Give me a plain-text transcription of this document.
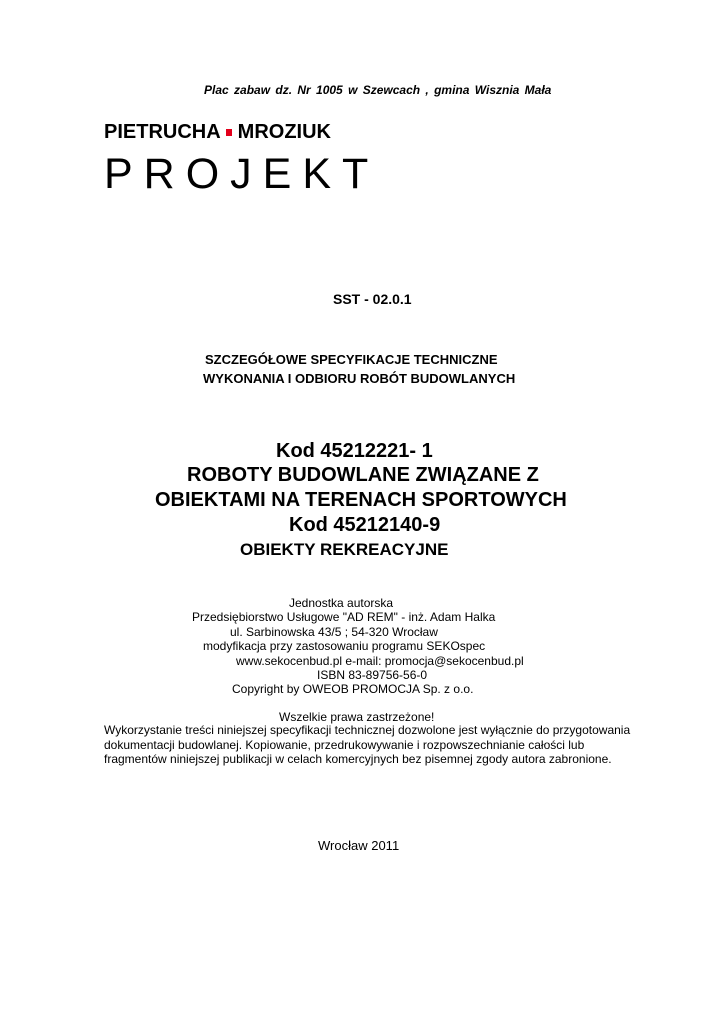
Plac zabaw dz. Nr 1005 w Szewcach , gmina Wisznia Mała
PIETRUCHA MROZIUK
PROJEKT
SST - 02.0.1
SZCZEGÓŁOWE SPECYFIKACJE TECHNICZNE
WYKONANIA I ODBIORU ROBÓT BUDOWLANYCH
Kod 45212221- 1
ROBOTY BUDOWLANE ZWIĄZANE Z
OBIEKTAMI NA TERENACH SPORTOWYCH
Kod 45212140-9
OBIEKTY REKREACYJNE
Jednostka autorska
Przedsiębiorstwo Usługowe "AD REM" - inż. Adam Halka
ul. Sarbinowska 43/5 ; 54-320 Wrocław
modyfikacja przy zastosowaniu programu SEKOspec
www.sekocenbud.pl e-mail: promocja@sekocenbud.pl
ISBN 83-89756-56-0
Copyright by OWEOB PROMOCJA Sp. z o.o.
Wszelkie prawa zastrzeżone!
Wykorzystanie treści niniejszej specyfikacji technicznej dozwolone jest wyłącznie do przygotowania
dokumentacji budowlanej. Kopiowanie, przedrukowywanie i rozpowszechnianie całości lub
fragmentów niniejszej publikacji w celach komercyjnych bez pisemnej zgody autora zabronione.
Wrocław 2011
